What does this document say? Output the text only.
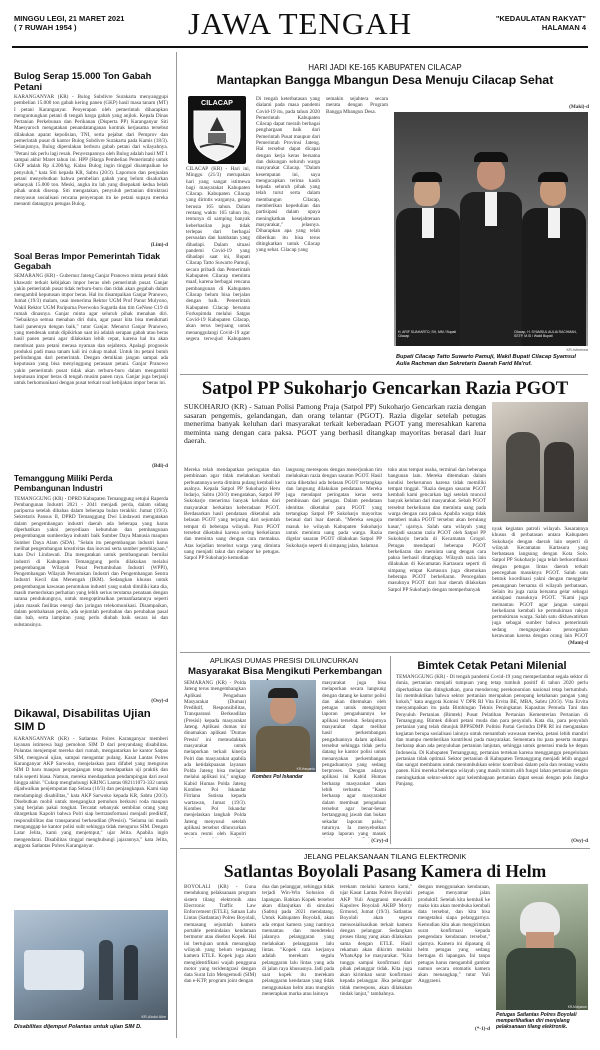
MINGGU LEGI, 21 MARET 2021
( 7 RUWAH 1954 )	JAWA TENGAH	"KEDAULATAN RAKYAT"
HALAMAN 4
Bulog Serap 15.000 Ton Gabah Petani
KARANGANYAR (KR) - Bulog Subdivre Surakarta menyanggupi pembelian 15.000 ton gabah kering panen (GKP) hasil masa tanam (MT) I petani Karanganyar. Penyerapan oleh pemerintah diharapkan menguntungkan petani di tengah harga gabah yang anjlok. Kepala Dinas Pertanian Perkebunan dan Perikanan (Disperta PP) Karanganyar Siti Maesyaroch mengatakan penandatanganan kontrak kerjasama tersebut dilakukan aparat kepolisian, TNI, serta pejabat dari Pemprov dan pemerintah pusat di kantor Bulog Subdivre Surakarta pada Kamis (18/3). Selanjutnya, Bulog diperslakan berburu gabah petani dari wilayahnya. "Petani tak perlu lagi resah. Penyerapannya oleh Bulog adalah hasil MT 1 sampai akhir Maret tahun ini. HPP (Harga Pembelian Pemerintah) untuk GKP adalah Rp 4.200/kg. Kalau Bulog ingin tinggal disampaikan ke penyuluh," kata Siti kepada KR, Sabtu (20/3). Lapornon dan penjualan petani menyebutkan bahwa pembelian gabah yang belum disalurkan sebanyak 15.000 ton. Meski, angka itu lah yang disepakati kedua belah pihak untuk diserap. Siti mengatakan, penyuluh pertanian ditruktrasi menyusun sosialisasi rencana penyerapan itu ke petani supaya mereka menanti datangnya petugas Bulog.
(Lim)-d
Soal Beras Impor Pemerintah Tidak Gegabah
SEMARANG (KR) - Gubernur Jateng Ganjar Pranowo minta petani tidak khawatir terkait kebijakan impor beras oleh pemerintah pusat. Ganjar yakin pemerintah pusat tidak terburu-buru dan tidak akan gegabah dalam mengambil keputusan impor beras. Hal itu disampaikan Ganjar Pranowo, Jumat (19/3) malam, usai menerima Rektor UGM Prof Panut Mulyono, Wakil Rektor UGM Paripurna Poerwoko Sugarda dan tim GeNose C19 di rumah dinasnya. Ganjar minta agar seluruh pihak menahan diri. "Sebaiknya semua menahan diri dulu, agar pasar kita bisa menikmati hasil panennya dengan baik," tutur Ganjar. Menurut Ganjar Pranowo, yang mendesak untuk dipikirkan saat ini adalah serapan gabah atau beras hasil panen petani agar dilakukan lebih cepat, karena hal itu akan membuat para petani merasa nyaman dan sejahtera. Apalagi prognosis produksi padi masa tanam kali ini cukup mahal. Untuk itu petani butuh perlindungan dari pemerintah. Dengan demikian jangan sampai ada keputusan yang bisa menyinggung perasaan petani. Ganjar Pranowo yakin pemerintah pusat tidak akan terburu-buru dalam mengambil keputusan impor beras di tengah musim panen raya. Ganjar juga berjanji untuk berkomunikasi dengan pusat terkait soal kebijakan impor beras ini.
(Bdi)-d
Temanggung Miliki Perda Pembangunan Industri
TEMANGGUNG (KR) - DPRD Kabupaten Temanggung setujui Raperda Pembangunan Industri 2021 - 2041 menjadi perda, dalam sidang paripurna setelah dibahas dalam beberapa bulan terakhir. Jumat (19/3). Sekretaris Pansus II, DPRD Temanggung Dwi Lindawati mengatakan dalam pengembangan industri daerah ada beberapa yang harus diperhatikan yakni penyediaan kebutuhan dan pembangunan pengembangan sumberdaya industri baik Sumber Daya Manusia maupun Sumber Daya Alam (SDA). "Selain itu pengembangan industri harus melihat pengembangan kreativitas dan inovasi serta sumber pembiayaan," kata Dwi Lindawati. Dia mengatakan untuk pembangunan bernilai industri di Kabupaten Temanggung perlu dilakukan melalui pengembangan Wilayah Pusat Pertumbuhan Industri (WPPI), Pengembangan Wilayah Peruntukan Industri dan Pengembangan Sentra Industri Kecil dan Menengah (IKM). Sedangkan khusus untuk pengembangan kawasan peruntukan industri yang sudah dimiliki kata dia, masih memerlukan perhatian yang lebih serius terutama penataan dengan sarana pendukungnya, untuk mengoptimalkan pemanfaatannya seperti jalan masuk fasilitas energi dan jaringan telekomunikasi. Disampaikan, dalam pembahasan perda, ada sejumlah perubahan dan perubahan pasal dan bab, serta lampiran yang perlu diubah baik secara isi dan substansinya.
(Osy)-d
Dikawal, Disabilitas Ujian SIM D
KARANGANYAR (KR) - Satlantas Polres Karanganyar memberi layanan istimewa bagi pemohon SIM D dari penyandang disabilitas. Polantas menjemput mereka dari rumah, mengantarkan ke kantor Satpas SIM, mengawal ujian, sampai mengantar pulang. Kasat Lantas Polres Karanganyar AKP Sarwoko, menjelaskan para difabel yang mengurus SIM D baru maupun perpanjangan tetap mendapatkan uji praktik dan tulis seperti biasa. Namun, mereka mendapatkan pendampingan dari awal hingga akhir. "Cukup menghubungi KRING Lantas 082111073-332 untuk dijadwalkan penjemputan tiap Selasa (16/3) dan penjangkapan. Kami siap mendampingi disabilitas," kata AKP Sarwoko kepada KR, Sabtu (20/3). Disebutkan mobil untuk mengangkut pemohon berkursi roda maupun yang berjalan pakai tongkat. Tercatat sebanyak sembilan orang yang ditargetkan Kapolri bahwa Polri siap bertransformasi menjadi prediktif, responsibilitas dan transparansi berkeadilan (Presisi). "Selama ini masih menganggap ke kantor polisi sulit sehingga tidak mengurus SIM. Dengan Latar Jelita, kami yang menjemput," ujar Jelita. Apabila ingin mengendarai. Disabilitas tinggal menghubungi jajarannya," kata Jelita, anggota Satlantas Polres Karanganyar.
KR-Abdul Alim
Disabilitas dijemput Polantas untuk ujian SIM D.
HARI JADI KE-165 KABUPATEN CILACAP
Mantapkan Bangga Mbangun Desa Menuju Cilacap Sehat
CILACAP
CILACAP (KR) - Hari ini, Minggu (21/3) merupakan hari yang sangat istimewa bagi masyarakat Kabupaten Cilacap. Kabupaten Cilacap yang dirintis warganya, genap berusia 165 tahun. Dalam rentang waktu 165 tahun itu, tentunya di samping banyak keberhasilan juga tidak terlepas dari berbagai persoalan dan hambatan yang dihadapi. Dalam situasi pandemi Covid-19 yang dihadapi saat ini, Bupati Cilacap Tatto Suwarto Pamuji, secara pribadi dan Pemerintah Kabupaten Cilacap meminta maaf, karena berbagai rencana pembangunan di Kabupaten Cilacap belum bisa berjalan dengan baik. Pemerintah Kabupaten Cilacap bersama Forkopimda melalui Satgas Covid-19 Kabupaten Cilacap, akan terus berjuang untuk menanggulangi Covid-19 agar segera terwujud Kabupaten
Di tengah keterbatasan yang dialami pada masa pandemi Covid-19 itu, pada tahun 2020 Pemerintah Kabupaten Cilacap dapat meraih berbagai penghargaan baik dari Pemerintah Pusat maupun dari Pemerintah Provinsi Jateng. Hal tersebut dapat dicapai dengan kerja keras bersama dan dukungan seluruh warga masyarakat Cilacap. "Dalam kesempatan ini, saya mengucapkan terima kasih kepada seluruh pihak yang telah turut serta dalam membangun Cilacap, memberikan kepedulian dan partisipasi dalam upaya meningkatkan kesejahteraan masyarakat," jelasnya. Diharapkan apa yang telah diberikan itu bisa terus ditingkatkan untuk Cilacap yang sehat. Cilacap yang
semakin sejahtera secara merata dengan Program Bangga Mbangun Desa.
H. ARIF SUAHARTO, SH, MM / Bupati Cilacap
Cilacap, H. SYAMSUL AULIA RACHMAN, SSTP, M.Si / Wakil Bupati
(Maki)-d
KR-Istimewa
Bupati Cilacap Tatto Suwarto Pamuji, Wakil Bupati Cilacap Syamsul Aulia Rachman dan Sekretaris Daerah Farid Ma'ruf.
Satpol PP Sukoharjo Gencarkan Razia PGOT
SUKOHARJO (KR) - Satuan Polisi Pamong Praja (Satpol PP) Sukoharjo Gencarkan razia dengan sasaran pengemis, gelandangan, dan orang telantar (PGOT). Razia digelar setelah petugas menerima banyak keluhan dari masyarakat terkait keberadaan PGOT yang meresahkan karena meminta uang dengan cara paksa. PGOT yang berhasil ditangkap mayoritas berasal dari luar daerah.
Mereka telah mendapatkan peringatan dan pembinaan agar tidak melakukan kembali perbuatannya serta diminta pulang kembali ke asalnya. Kepala Satpol PP Sukoharjo Heru Indarjo, Sabtu (20/3) mengatakan, Satpol PP Sukoharjo menerima banyak keluhan dari masyarakat berkaitan keberadaan PGOT. Berdasarkan hasil pendataan diketahui ada belasan PGOT yang terjaring dari sejumlah tempat di beberapa wilayah. Para PGOT tersebut diketahui karena sering berkeliaran dan meminta uang dengan cara memaksa. Atas kejadian tersebut warga yang diminta uang menjadi takut dan melapor ke petugas. Satpol PP Sukoharjo kemudian
langsung merespons dengan menerjunkan tim melakukan razia dengan sasaran PGOT. Hasil razia diketahui ada belasan PGOT tertangkap dan langsung dilakukan pendataan. Mereka juga mendapat peringatan keras serta pembinaan dari petugas. Dalam pendataan identitas diketahui para PGOT yang tertangkap Satpol PP Sukoharjo mayoritas berasal dari luar daerah. "Mereka sengaja masuk ke wilayah Kabupaten Sukoharjo untuk meminta uang pada warga. Razia digelar sasaran PGOT dilakukan Satpol PP Sukoharjo seperti di simpang jalan, halaman
toko atau tempat usaha, terminal dan beberapa bangunan lain. Mereka ditemukan dalam kondisi berkerumun karena tidak memiliki tempat tinggal. "Razia dengan sasaran PGOT kembali kami gencarkan lagi setelah muncul banyak keluhan dari masyarakat. Sebab PGOT tersebut berkeliaran dan meminta uang pada warga dengan cara paksa. Apabila warga tidak memberi maka PGOT tersebut akan berulang kasar," ujarnya. Salah satu wilayah yang menjadi sasaran razia PGOT oleh Satpol PP Sukoharjo berada di Kecamatan Grogol. Petugas mendapati beberapa PGOT berkeliaran dan meminta uang dengan cara paksa berhasil ditangkap. Wilayah razia lain dilakukan di Kecamatan Kartasura seperti di simpang empat Kartasura juga ditemukan beberapa PGOT berkeliaran. Pencegahan masuknya PGOT dari luar daerah dilakukan Satpol PP Sukoharjo dengan memperbanyak
nyak kegiatan patroli wilayah. Sasarannya khusus di perbatasan antara Kabupaten Sukoharjo dengan daerah lain seperti di wilayah Kecamatan Kartasura yang berbatasan langsung dengan Kota Solo. Satpol PP Sukoharjo juga telah berkoordinasi dengan petugas lintas daerah terkait pencegahan masuknya PGOT. Salah satu bentuk koordinasi yakni dengan menggelar penanganan bersama di wilayah perbatasan. Selain itu juga razia bersama gelar sebagai antisipasi masuknya PGOT. "Kami juga memantau PGOT agar jangan sampai berkeliaran kembali ke permukiman rakyat permukiman warga. Salah satu dikhawatirkan juga sebagai sumber bahwa pemerintah sedang mengupayakan pencegahan kerawanan karena dengan orang lain PGOT
(Mam)-d
APLIKASI DUMAS PRESISI DILUNCURKAN
Masyarakat Bisa Mengikuti Perkembangan
SEMARANG (KR) - Polda Jateng terus mengembangkan Aplikasi Pengaduan Masyarakat (Dumas) Prediktif, Responsibilitas, Transparansi Berkeadilan (Presisi) kepada masyarakat Jateng. Aplikasi dumas ini dinamakan aplikasi 'Dumas Presisi' ini memudahkan masyarakat untuk melaporkan terkait kinerja Polri dan masyarakat apabila ada ketidakpuasan layanan Polda Jateng bisa melapor melalui aplikasi ini," ungkap Kabid Humas Polda Jateng Kombes Pol Iskandar Fitriana Sutisna kepada wartawan, Jumat (19/3). Kombes Pol Iskandar menjelaskan langkah Polda Jateng menyusul setelah aplikasi tersebut diluncurkan secara resmi oleh Kapolri
KR-Haryanto
Kombes Pol Iskandar
masyarakat juga bisa melaporkan secara langsung dengan datang ke kantor polisi dan akan ditemukan oleh petugas untuk mengimput laporan pengaduannya ke aplikasi tersebut. Selanjutnya masyarakat dapat melihat hasil perkembangan pengaduannya dalam aplikasi tersebut sehingga tidak perlu datang ke kantor polisi untuk menanyakan perkembangan pengaduannya yang sedang berproses. Dengan adanya aplikasi ini Kabid Humas berharap masyarakat akan lebih terbantu. "Kami berharap agar masyarakat dalam membuat pengaduan tersebut agar benar-benar bertanggung jawab dan bukan sekadar laporan palsu," tuturnya. Ia menyebutkan setiap laporan yang masuk
(Cry)-d
Bimtek Cetak Petani Milenial
TEMANGGUNG (KR) - Di tengah pandemi Covid-19 yang memperlambat segala sektor di dunia, pertanian menjadi tumpuan yang tetap tumbuh positif di tahun 2020 perlu diperhatikan dan ditingkatkan, guna mendorong perekonomian nasional tetap bertumbuh. Ini membuktikan bahwa sektor pertanian merupakan penopang ketahanan pangan yang kokoh," kata anggota Komisi V DPR RI Vita Ervita BE, MBA, Sabtu (20/3). Vita Ervita menyampaikan itu pada Bimbingan Teknis Peningkatan Kapasitas Pemuda Tani dan Penyuluh Pertanian (Bimtek) Pusat Pelatihan Pertanian Kementerian Pertanian di Temanggung. Bimtek diikuti petani muda dan para penyuluh. Kata dia, para penyuluh pertanian yang telah ditunjuk BPPSDMP. Politisi Partai Gerindra DPR RI ini mengatakan kegiatan berupa sosialisasi lainnya untuk menambah wawasan mereka, petani lebih mandiri dan mampu memberikan kontribusi pada masyarakat. Sementara itu para peserta mampu berharap akan ada penyuluhan pertanian lanjutan, sehingga untuk generasi muda ke depan Indonesia. Di Kabupaten Temanggung, pertanian tertekan karena mengganggu pengelolaan pertanian tidak optimal. Sektor pertanian di Kabupaten Temanggung menjadi lebih unggul dan sangat membantu untuk menumbuhkan sektor kontribusi dalam pola dan rentang waktu panen. Kini mereka beberapa wilayah yang masih minim alih fungsi lahan pertanian dengan meningkatkan sektor-sektor agar kelembagaan pertanian dapat sesuai dengan pola Jangka Panjang.
(Osy)-d
JELANG PELAKSANAAN TILANG ELEKTRONIK
Satlantas Boyolali Pasang Kamera di Helm
BOYOLALI (KR) - Guna mendukung pelaksanaan program sistem tilang elektronik atau Electronic Traffic Law Enforcement (ETLE), Satuan Lalu Lintas (Satlantas) Polres Boyolali, memasang sejumlah kamera portable pemindaian kendaraan bermotor atau disebut Kopek. Hal ini bertujuan untuk menangkap wilayah yang belum terpasang kamera ETLE. Kopek juga akan mengidentifikasi wajah pengguna motor yang teridentgrasi dengan data Surat Izin Mengemudi (SIM) dan e-KTP, program joint dengan
dua dan pelanggar, sehingga tidak terjadi Win-Win Solusion di lapangan. Bahkan Kopek tersebut akan dilanjutkan di simulasi (Sabtu) pada 2021 mendatang. Untuk Kabupaten Boyolali, akan ada empat kamera yang nantinya memantau dan mendeteksi jalannya pelanggaran yang melakukan pelanggaran lalu lintas. "Kopek cara kerjanya adalah merekam segala pelanggaran lalu lintas yang ada di jalan raya khususnya. Jadi pada saat kopek itu merekam pelanggaran kendaraan yang tidak menggunakan helm atau mungkin menerapkan marka atau lainnya
terekam melalui kamera kami," ujar Kasat Lantas Polres Boyolali AKP Yuli Anggraeni mewakili Kapolres Boyolali AKBP Morry Ermond, Jumat (19/3). Satlantas Boyolali akan segera mensosialisasikan terkait kamera dengan pelanggar. Sedangkan proses tilang yang akan dilakukan sama dengan ETLE. Hasil rekaman akan dikirim melalui WhatsApp ke masyarakat. "Kita tunggu sampai konfirmasi dari pihak pelanggar tidak. Kita juga akan kirimkan surat konfirmasi kepada pelanggar. Jika pelanggar tidak merespons, akan dilakukan tindak lanjut," tambahnya.
dengan menggunakan kendaraan, petugas menyamar jalan produktif. Setelah kita kembali ke mako kita akan membuka kembali data tersebut, dan kita bisa mengetahui siapa pelanggarnya. Kemudian kita akan mengirimkan surat konfirmasi kepada pengendara kendaraan tersebut," ujarnya. Kamera ini dipasang di helm petugas yang sedang bertugas di lapangan. Ini tanpa petugas harus mengambil gambar namun secara otomatis kamera akan menangkap," tutur Yuli Anggraeni.
(*-1)-d
KR-Mulyanon
Petugas Satlantas Polres Boyolali memperlihatkan diri menjelang pelaksanaan tilang elektronik.
